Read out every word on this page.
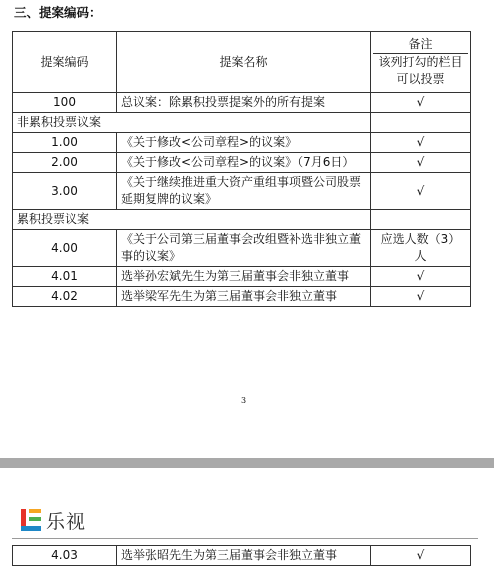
三、提案编码：
提案编码	提案名称	备注
该列打勾的栏目可以投票

100	总议案：除累积投票提案外的所有提案	√
非累积投票议案		
1.00	《关于修改<公司章程>的议案》	√
2.00	《关于修改<公司章程>的议案》（7月6日）	√
3.00	《关于继续推进重大资产重组事项暨公司股票延期复牌的议案》	√
累积投票议案		
4.00	《关于公司第三届董事会改组暨补选非独立董事的议案》	应选人数（3）人
4.01	选举孙宏斌先生为第三届董事会非独立董事	√
4.02	选举梁军先生为第三届董事会非独立董事	√
3
乐视
4.03	选举张昭先生为第三届董事会非独立董事	√
